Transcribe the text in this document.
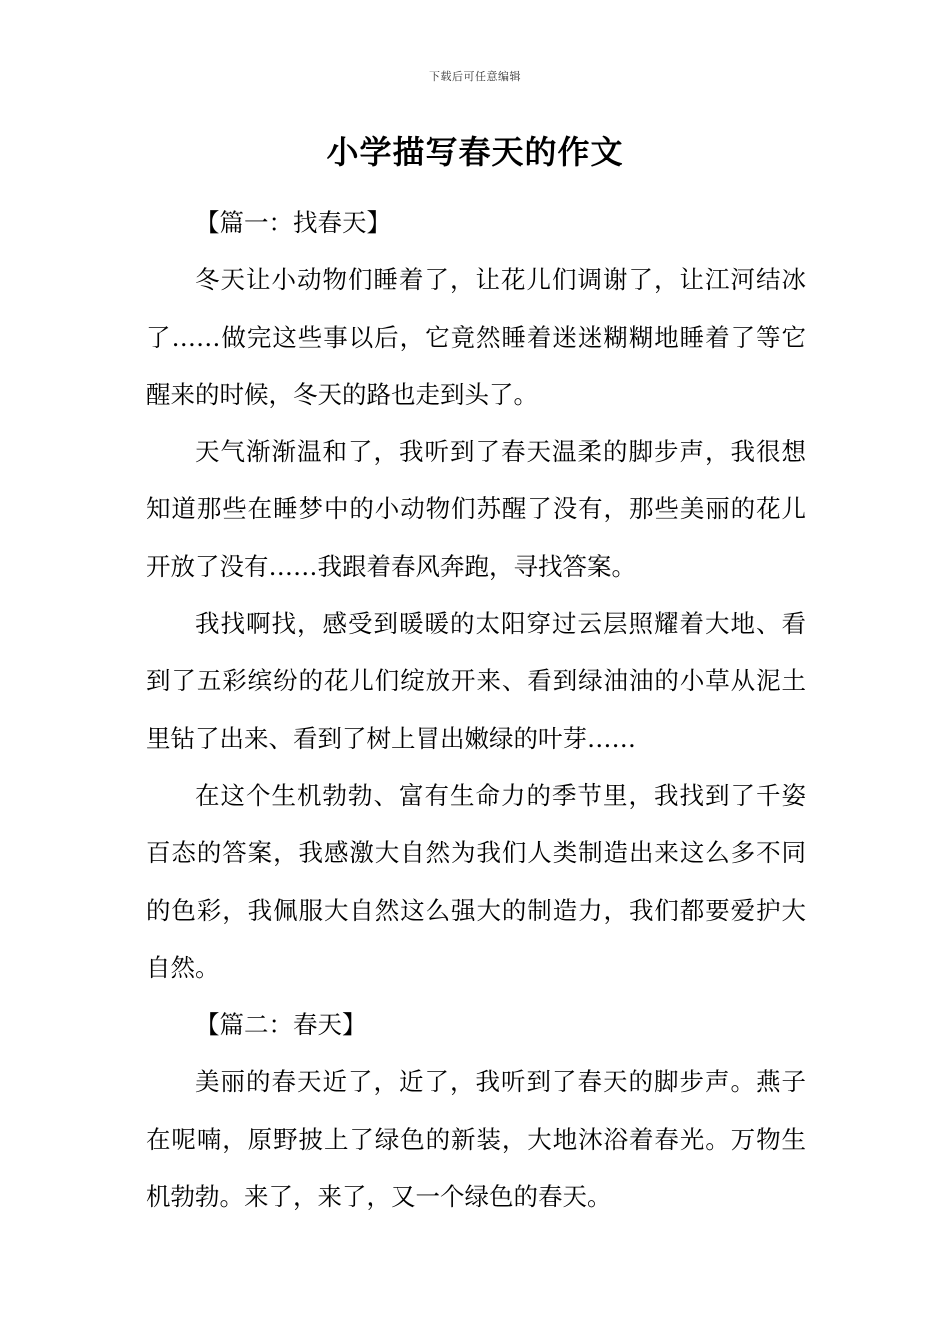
下载后可任意编辑
小学描写春天的作文

【篇一：找春天】

冬天让小动物们睡着了，让花儿们调谢了，让江河结冰了……做完这些事以后，它竟然睡着迷迷糊糊地睡着了等它醒来的时候，冬天的路也走到头了。

天气渐渐温和了，我听到了春天温柔的脚步声，我很想知道那些在睡梦中的小动物们苏醒了没有，那些美丽的花儿开放了没有……我跟着春风奔跑，寻找答案。

我找啊找，感受到暖暖的太阳穿过云层照耀着大地、看到了五彩缤纷的花儿们绽放开来、看到绿油油的小草从泥土里钻了出来、看到了树上冒出嫩绿的叶芽……

在这个生机勃勃、富有生命力的季节里，我找到了千姿百态的答案，我感激大自然为我们人类制造出来这么多不同的色彩，我佩服大自然这么强大的制造力，我们都要爱护大自然。

【篇二：春天】

美丽的春天近了，近了，我听到了春天的脚步声。燕子在呢喃，原野披上了绿色的新装，大地沐浴着春光。万物生机勃勃。来了，来了，又一个绿色的春天。
